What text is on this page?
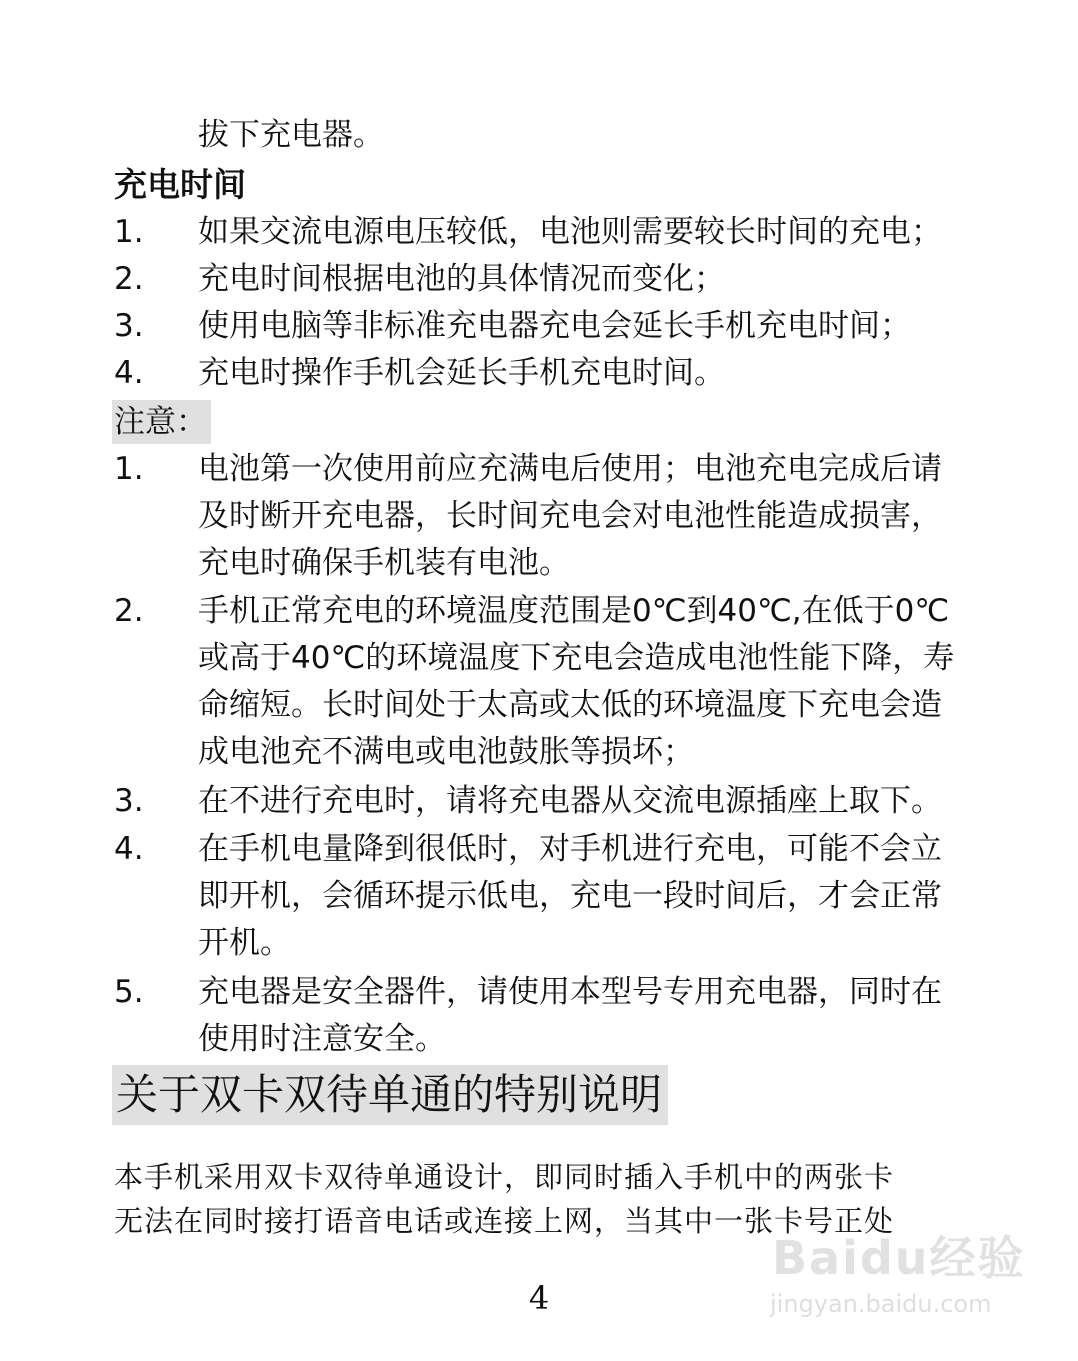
拔下充电器。
充电时间
1. 如果交流电源电压较低，电池则需要较长时间的充电；
2. 充电时间根据电池的具体情况而变化；
3. 使用电脑等非标准充电器充电会延长手机充电时间；
4. 充电时操作手机会延长手机充电时间。
注意：
1. 电池第一次使用前应充满电后使用；电池充电完成后请
及时断开充电器，长时间充电会对电池性能造成损害，
充电时确保手机装有电池。
2. 手机正常充电的环境温度范围是0℃到40℃,在低于0℃
或高于40℃的环境温度下充电会造成电池性能下降，寿
命缩短。长时间处于太高或太低的环境温度下充电会造
成电池充不满电或电池鼓胀等损坏；
3. 在不进行充电时，请将充电器从交流电源插座上取下。
4. 在手机电量降到很低时，对手机进行充电，可能不会立
即开机，会循环提示低电，充电一段时间后，才会正常
开机。
5. 充电器是安全器件，请使用本型号专用充电器，同时在
使用时注意安全。
关于双卡双待单通的特别说明
本手机采用双卡双待单通设计，即同时插入手机中的两张卡
无法在同时接打语音电话或连接上网，当其中一张卡号正处
Baidu经验
jingyan.baidu.com
4
